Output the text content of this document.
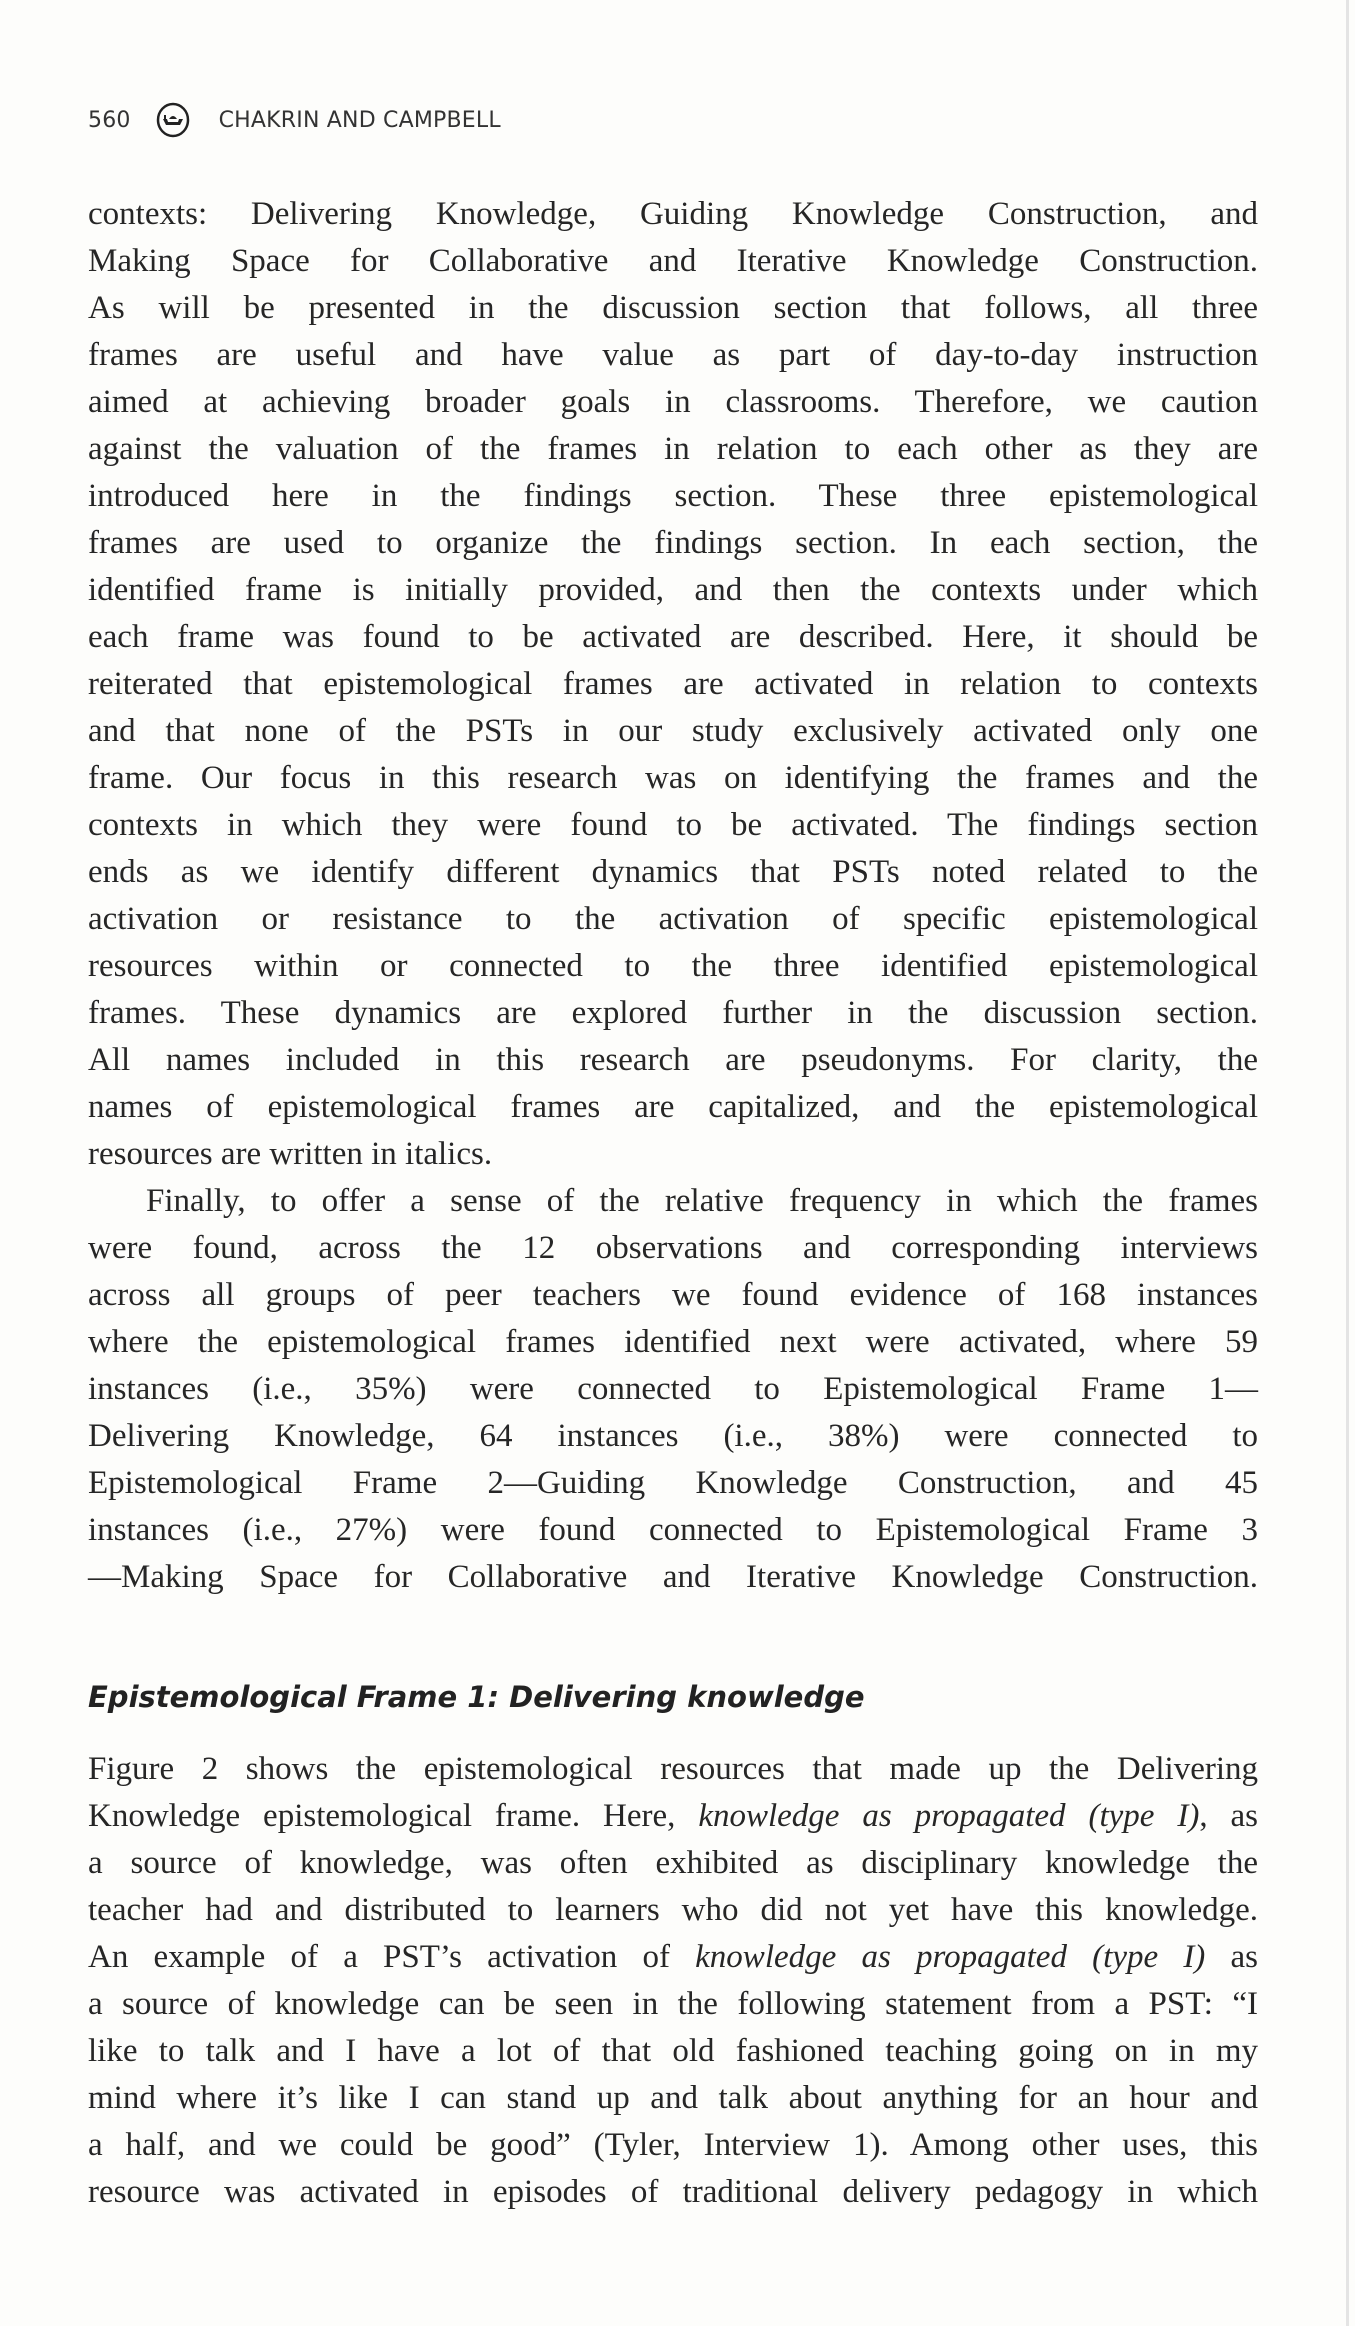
560	CHAKRIN AND CAMPBELL
contexts: Delivering Knowledge, Guiding Knowledge Construction, and
Making Space for Collaborative and Iterative Knowledge Construction.
As will be presented in the discussion section that follows, all three
frames are useful and have value as part of day-to-day instruction
aimed at achieving broader goals in classrooms. Therefore, we caution
against the valuation of the frames in relation to each other as they are
introduced here in the findings section. These three epistemological
frames are used to organize the findings section. In each section, the
identified frame is initially provided, and then the contexts under which
each frame was found to be activated are described. Here, it should be
reiterated that epistemological frames are activated in relation to contexts
and that none of the PSTs in our study exclusively activated only one
frame. Our focus in this research was on identifying the frames and the
contexts in which they were found to be activated. The findings section
ends as we identify different dynamics that PSTs noted related to the
activation or resistance to the activation of specific epistemological
resources within or connected to the three identified epistemological
frames. These dynamics are explored further in the discussion section.
All names included in this research are pseudonyms. For clarity, the
names of epistemological frames are capitalized, and the epistemological
resources are written in italics.
Finally, to offer a sense of the relative frequency in which the frames
were found, across the 12 observations and corresponding interviews
across all groups of peer teachers we found evidence of 168 instances
where the epistemological frames identified next were activated, where 59
instances (i.e., 35%) were connected to Epistemological Frame 1—
Delivering Knowledge, 64 instances (i.e., 38%) were connected to
Epistemological Frame 2—Guiding Knowledge Construction, and 45
instances (i.e., 27%) were found connected to Epistemological Frame 3
—Making Space for Collaborative and Iterative Knowledge Construction.
Epistemological Frame 1: Delivering knowledge
Figure 2 shows the epistemological resources that made up the Delivering
Knowledge epistemological frame. Here, knowledge as propagated (type I), as
a source of knowledge, was often exhibited as disciplinary knowledge the
teacher had and distributed to learners who did not yet have this knowledge.
An example of a PST’s activation of knowledge as propagated (type I) as
a source of knowledge can be seen in the following statement from a PST: “I
like to talk and I have a lot of that old fashioned teaching going on in my
mind where it’s like I can stand up and talk about anything for an hour and
a half, and we could be good” (Tyler, Interview 1). Among other uses, this
resource was activated in episodes of traditional delivery pedagogy in which
